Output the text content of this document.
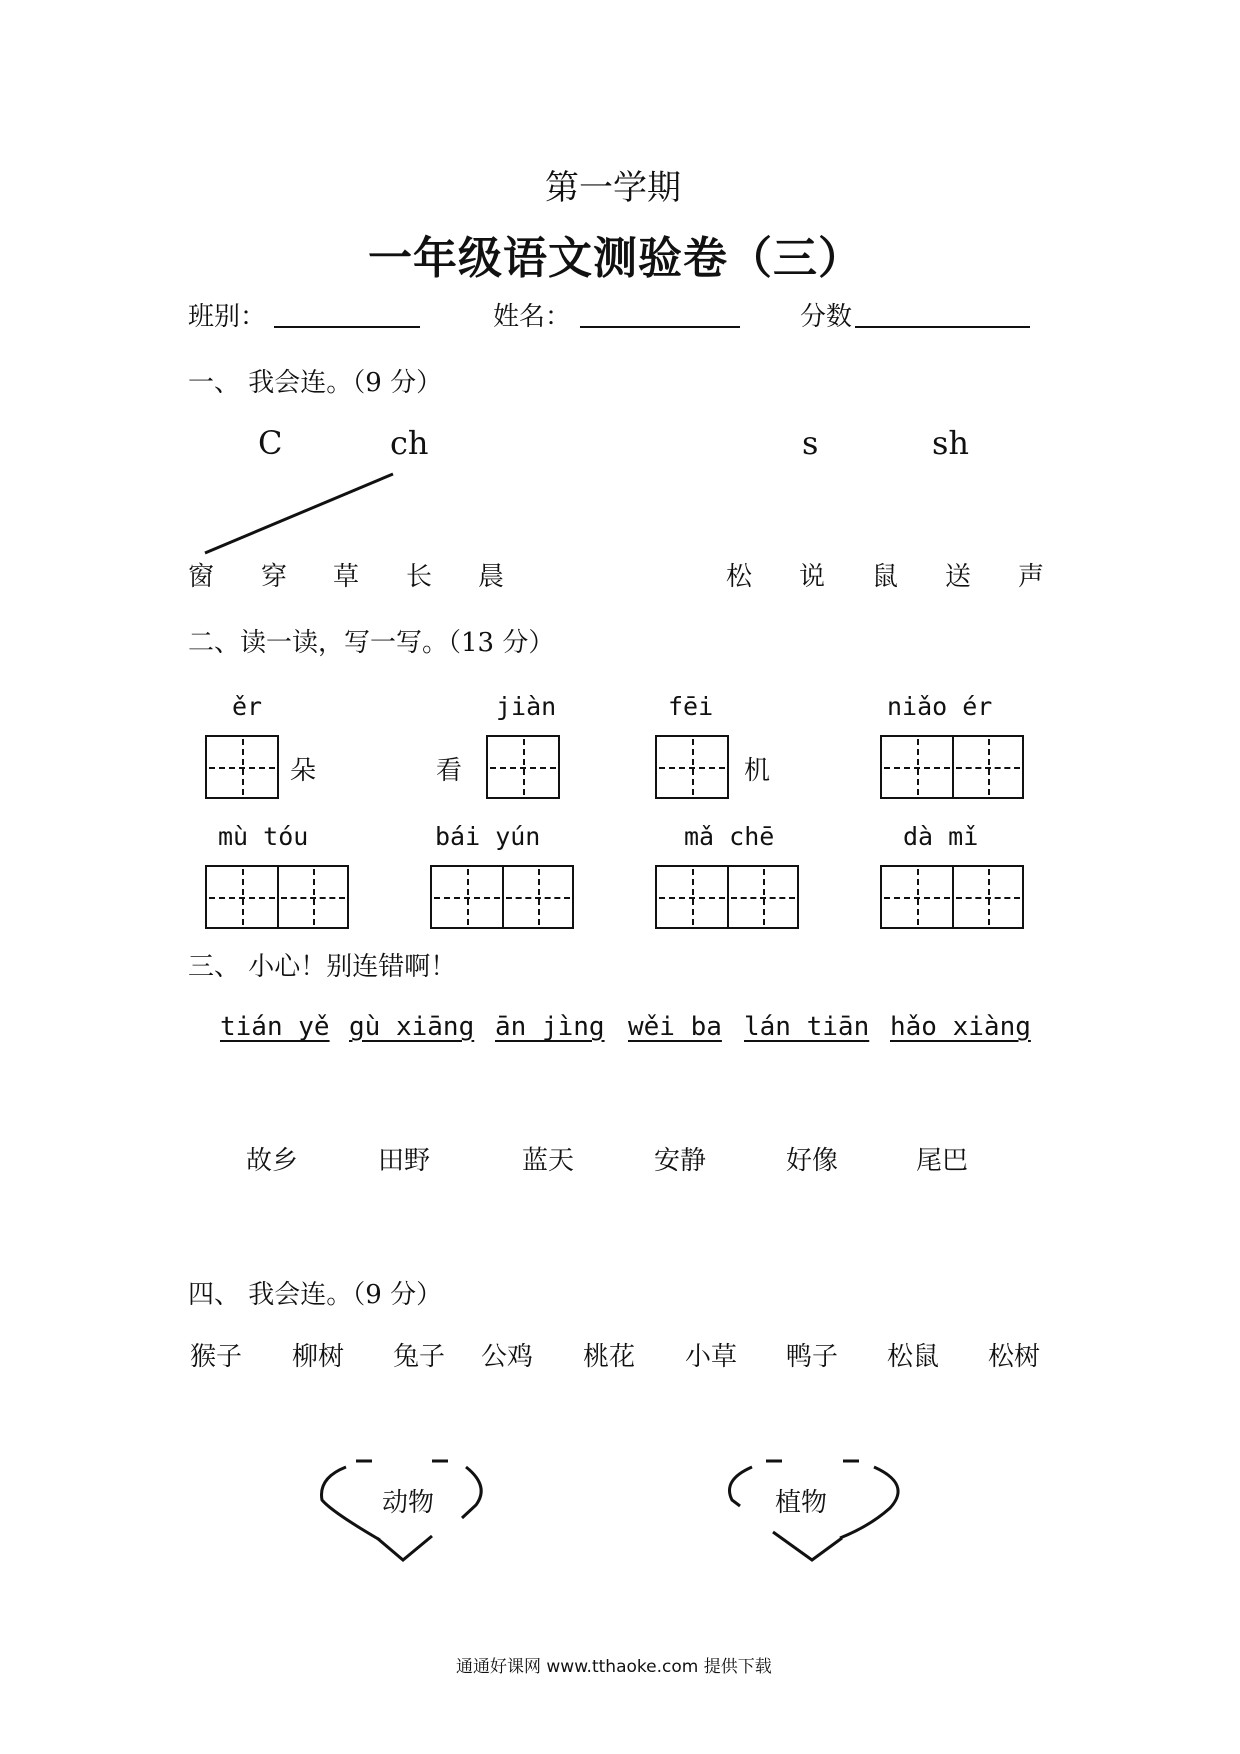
第一学期
一年级语文测验卷（三）
班别：	姓名：	分数
一、 我会连。（9 分）
C	ch	s	sh
窗 穿 草 长 晨	松 说 鼠 送 声
二、读一读，写一写。（13 分）
ěr	jiàn	fēi	niǎo ér
朵	看	机
mù tóu	bái yún	mǎ chē	dà mǐ
三、 小心！别连错啊！
tián yě gù xiāng ān jìng wěi ba lán tiān hǎo xiàng
故乡	田野	蓝天	安静	好像	尾巴
四、 我会连。（9 分）
猴子 柳树 兔子 公鸡 桃花 小草 鸭子 松鼠 松树
动物	植物
通通好课网 www.tthaoke.com 提供下载
